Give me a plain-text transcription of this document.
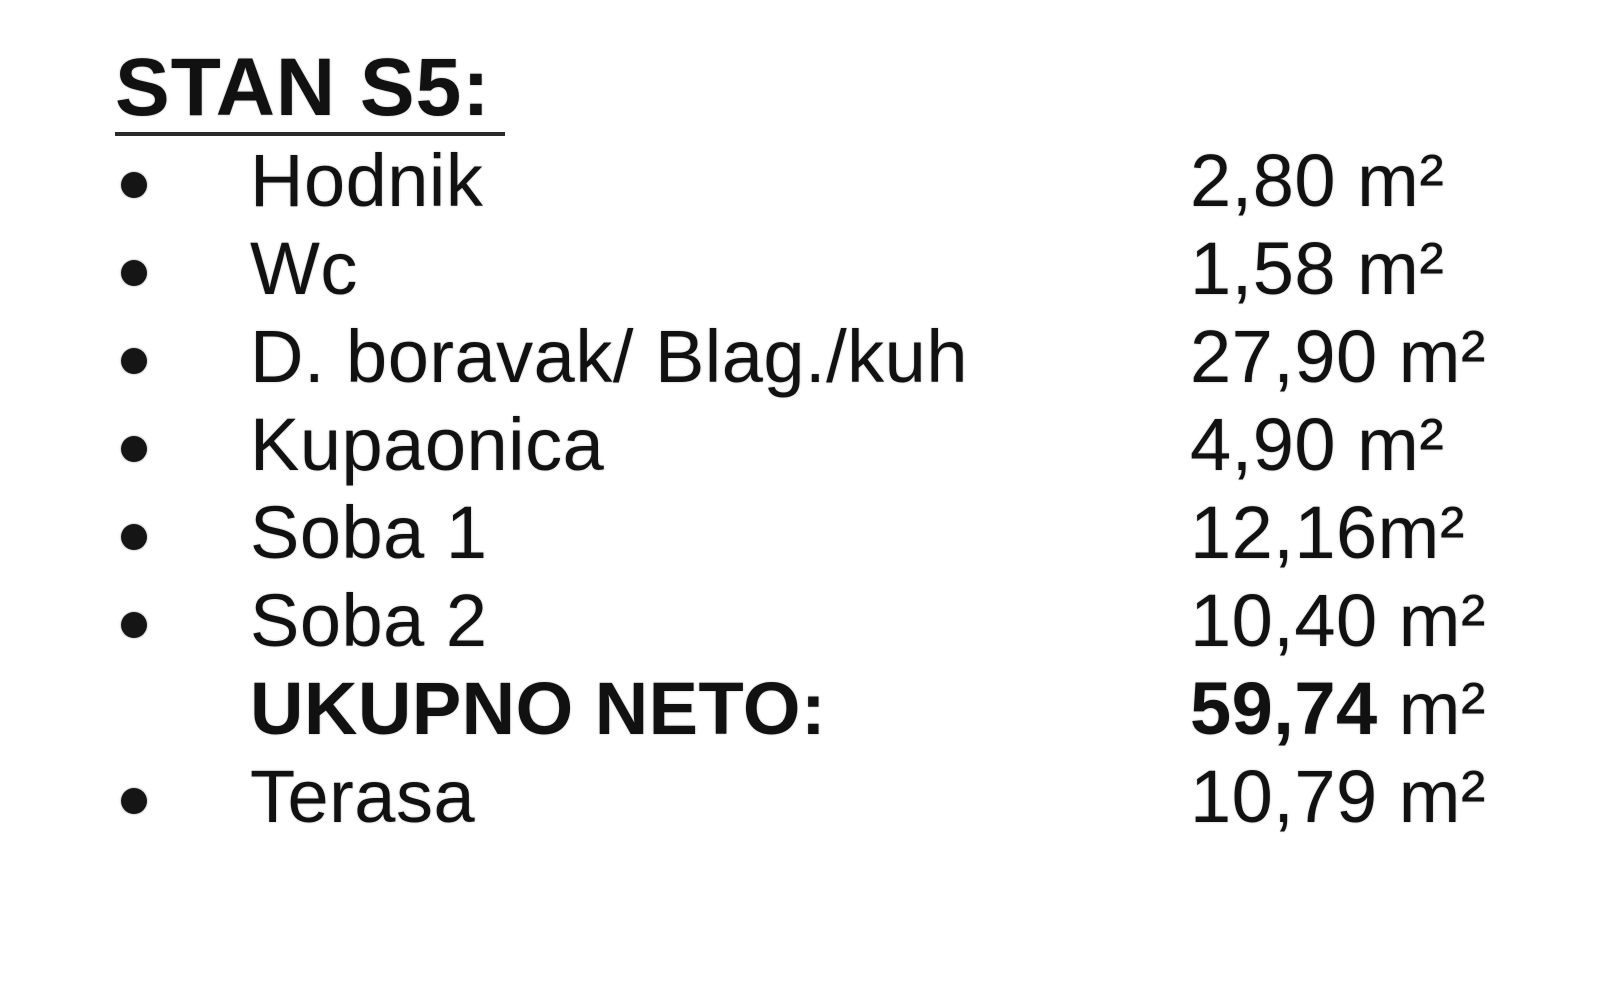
STAN S5:
Hodnik	2,80 m²
Wc	1,58 m²
D. boravak/ Blag./kuh	27,90 m²
Kupaonica	4,90 m²
Soba 1	12,16m²
Soba 2	10,40 m²
UKUPNO NETO:	59,74 m²
Terasa	10,79 m²
